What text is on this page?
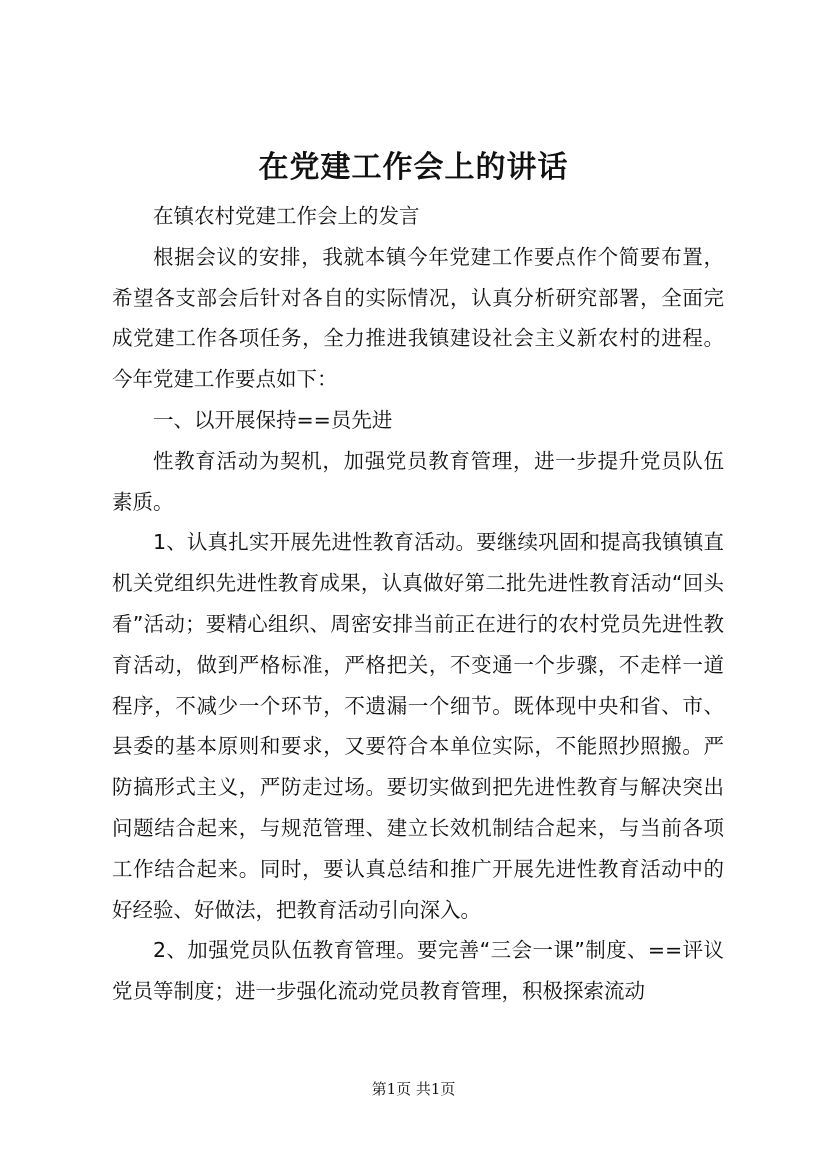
在党建工作会上的讲话

在镇农村党建工作会上的发言

根据会议的安排，我就本镇今年党建工作要点作个简要布置，希望各支部会后针对各自的实际情况，认真分析研究部署，全面完成党建工作各项任务，全力推进我镇建设社会主义新农村的进程。今年党建工作要点如下：

一、以开展保持==员先进

性教育活动为契机，加强党员教育管理，进一步提升党员队伍素质。

1、认真扎实开展先进性教育活动。要继续巩固和提高我镇镇直机关党组织先进性教育成果，认真做好第二批先进性教育活动“回头看”活动；要精心组织、周密安排当前正在进行的农村党员先进性教育活动，做到严格标准，严格把关，不变通一个步骤，不走样一道程序，不减少一个环节，不遗漏一个细节。既体现中央和省、市、县委的基本原则和要求，又要符合本单位实际，不能照抄照搬。严防搞形式主义，严防走过场。要切实做到把先进性教育与解决突出问题结合起来，与规范管理、建立长效机制结合起来，与当前各项工作结合起来。同时，要认真总结和推广开展先进性教育活动中的好经验、好做法，把教育活动引向深入。

2、加强党员队伍教育管理。要完善“三会一课”制度、==评议党员等制度；进一步强化流动党员教育管理，积极探索流动

第1页 共1页
